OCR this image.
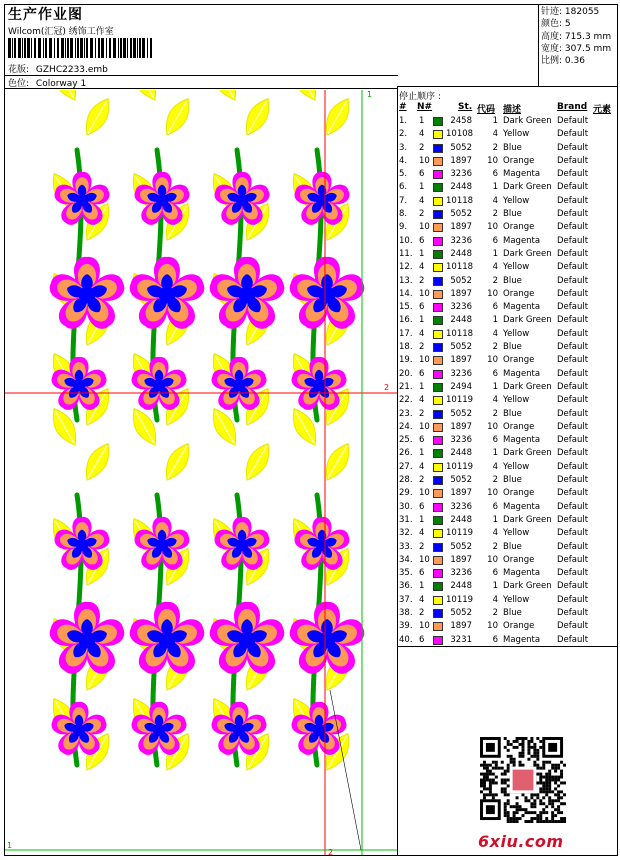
生产作业图
Wilcom(汇冠) 绣饰工作室
花版: GZHC2233.emb
色位: Colorway 1
针迹: 182055
颜色: 5
高度: 715.3 mm
宽度: 307.5 mm
比例: 0.36
停止顺序 :
# N#	St. 代码 描述	Brand 元素
1. 1	2458	1 Dark Green Default
2. 4	10108	4 Yellow	Default
3. 2	5052	2 Blue	Default
4. 10	1897	10 Orange	Default
5. 6	3236	6 Magenta Default
6. 1	2448	1 Dark Green Default
7. 4	10118	4 Yellow	Default
8. 2	5052	2 Blue	Default
9. 10	1897	10 Orange	Default
10. 6	3236	6 Magenta Default
11. 1	2448	1 Dark Green Default
12. 4	10118	4 Yellow	Default
13. 2	5052	2 Blue	Default
14. 10	1897	10 Orange	Default
15. 6	3236	6 Magenta Default
16. 1	2448	1 Dark Green Default
17. 4	10118	4 Yellow	Default
18. 2	5052	2 Blue	Default
19. 10	1897	10 Orange	Default
20. 6	3236	6 Magenta Default
21. 1	2494	1 Dark Green Default
22. 4	10119	4 Yellow	Default
23. 2	5052	2 Blue	Default
24. 10	1897	10 Orange	Default
25. 6	3236	6 Magenta Default
26. 1	2448	1 Dark Green Default
27. 4	10119	4 Yellow	Default
28. 2	5052	2 Blue	Default
29. 10	1897	10 Orange	Default
30. 6	3236	6 Magenta Default
31. 1	2448	1 Dark Green Default
32. 4	10119	4 Yellow	Default
33. 2	5052	2 Blue	Default
34. 10	1897	10 Orange	Default
35. 6	3236	6 Magenta Default
36. 1	2448	1 Dark Green Default
37. 4	10119	4 Yellow	Default
38. 2	5052	2 Blue	Default
39. 10	1897	10 Orange	Default
40. 6	3231	6 Magenta Default
1
2
1
2
6xiu.com
